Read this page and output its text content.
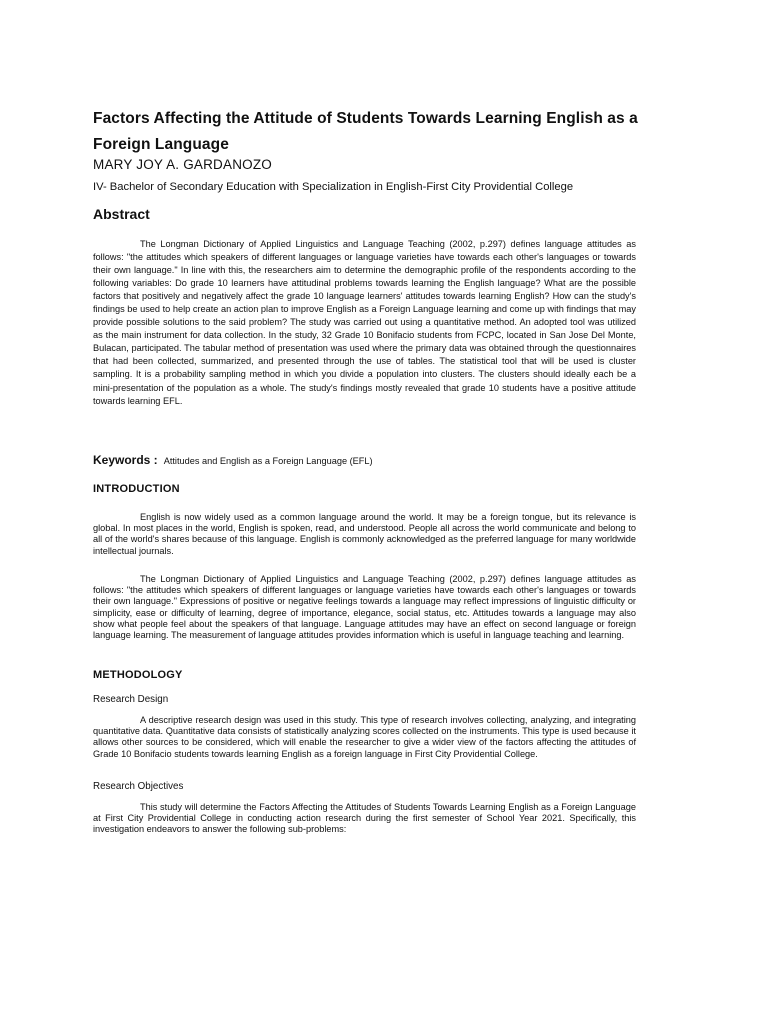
Factors Affecting the Attitude of Students Towards Learning English as a Foreign Language
MARY JOY A. GARDANOZO
IV- Bachelor of Secondary Education with Specialization in English-First City Providential College
Abstract

The Longman Dictionary of Applied Linguistics and Language Teaching (2002, p.297) defines language attitudes as follows: "the attitudes which speakers of different languages or language varieties have towards each other's languages or towards their own language." In line with this, the researchers aim to determine the demographic profile of the respondents according to the following variables: Do grade 10 learners have attitudinal problems towards learning the English language? What are the possible factors that positively and negatively affect the grade 10 language learners' attitudes towards learning English? How can the study's findings be used to help create an action plan to improve English as a Foreign Language learning and come up with findings that may provide possible solutions to the said problem? The study was carried out using a quantitative method. An adopted tool was utilized as the main instrument for data collection. In the study, 32 Grade 10 Bonifacio students from FCPC, located in San Jose Del Monte, Bulacan, participated. The tabular method of presentation was used where the primary data was obtained through the questionnaires that had been collected, summarized, and presented through the use of tables. The statistical tool that will be used is cluster sampling. It is a probability sampling method in which you divide a population into clusters. The clusters should ideally each be a mini-presentation of the population as a whole. The study's findings mostly revealed that grade 10 students have a positive attitude towards learning EFL.

Keywords : Attitudes and English as a Foreign Language (EFL)
INTRODUCTION

English is now widely used as a common language around the world. It may be a foreign tongue, but its relevance is global. In most places in the world, English is spoken, read, and understood. People all across the world communicate and belong to all of the world's shares because of this language. English is commonly acknowledged as the preferred language for many worldwide intellectual journals.

The Longman Dictionary of Applied Linguistics and Language Teaching (2002, p.297) defines language attitudes as follows: "the attitudes which speakers of different languages or language varieties have towards each other's languages or towards their own language." Expressions of positive or negative feelings towards a language may reflect impressions of linguistic difficulty or simplicity, ease or difficulty of learning, degree of importance, elegance, social status, etc. Attitudes towards a language may also show what people feel about the speakers of that language. Language attitudes may have an effect on second language or foreign language learning. The measurement of language attitudes provides information which is useful in language teaching and learning.

METHODOLOGY
Research Design

A descriptive research design was used in this study. This type of research involves collecting, analyzing, and integrating quantitative data. Quantitative data consists of statistically analyzing scores collected on the instruments. This type is used because it allows other sources to be considered, which will enable the researcher to give a wider view of the factors affecting the attitudes of Grade 10 Bonifacio students towards learning English as a foreign language in First City Providential College.

Research Objectives

This study will determine the Factors Affecting the Attitudes of Students Towards Learning English as a Foreign Language at First City Providential College in conducting action research during the first semester of School Year 2021. Specifically, this investigation endeavors to answer the following sub-problems:
